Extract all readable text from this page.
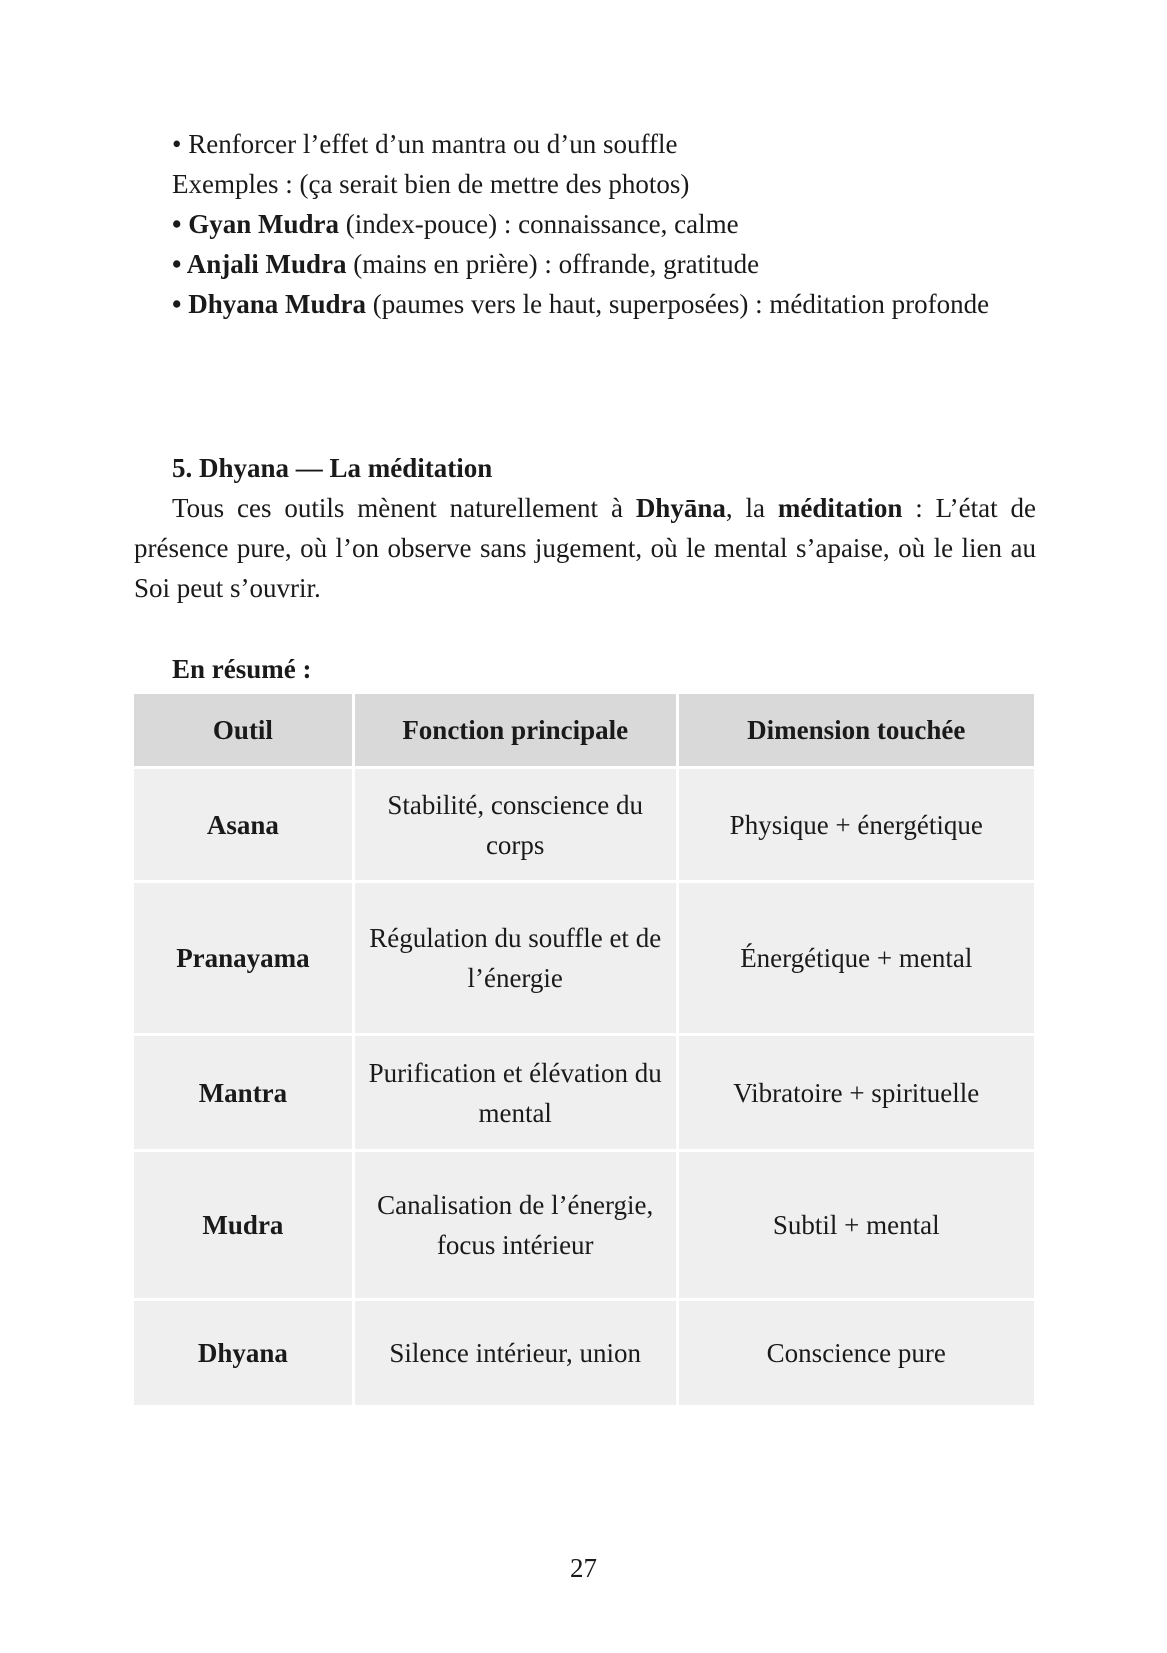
• Renforcer l’effet d’un mantra ou d’un souffle
Exemples : (ça serait bien de mettre des photos)
• Gyan Mudra (index-pouce) : connaissance, calme
• Anjali Mudra (mains en prière) : offrande, gratitude
• Dhyana Mudra (paumes vers le haut, superposées) : méditation profonde
5. Dhyana — La méditation
Tous ces outils mènent naturellement à Dhyāna, la méditation : L’état de présence pure, où l’on observe sans jugement, où le mental s’apaise, où le lien au Soi peut s’ouvrir.
En résumé :
Outil	Fonction principale	Dimension touchée
Asana	Stabilité, conscience du corps	Physique + énergétique
Pranayama	Régulation du souffle et de l’énergie	Énergétique + mental
Mantra	Purification et élévation du mental	Vibratoire + spirituelle
Mudra	Canalisation de l’énergie, focus intérieur	Subtil + mental
Dhyana	Silence intérieur, union	Conscience pure
27
